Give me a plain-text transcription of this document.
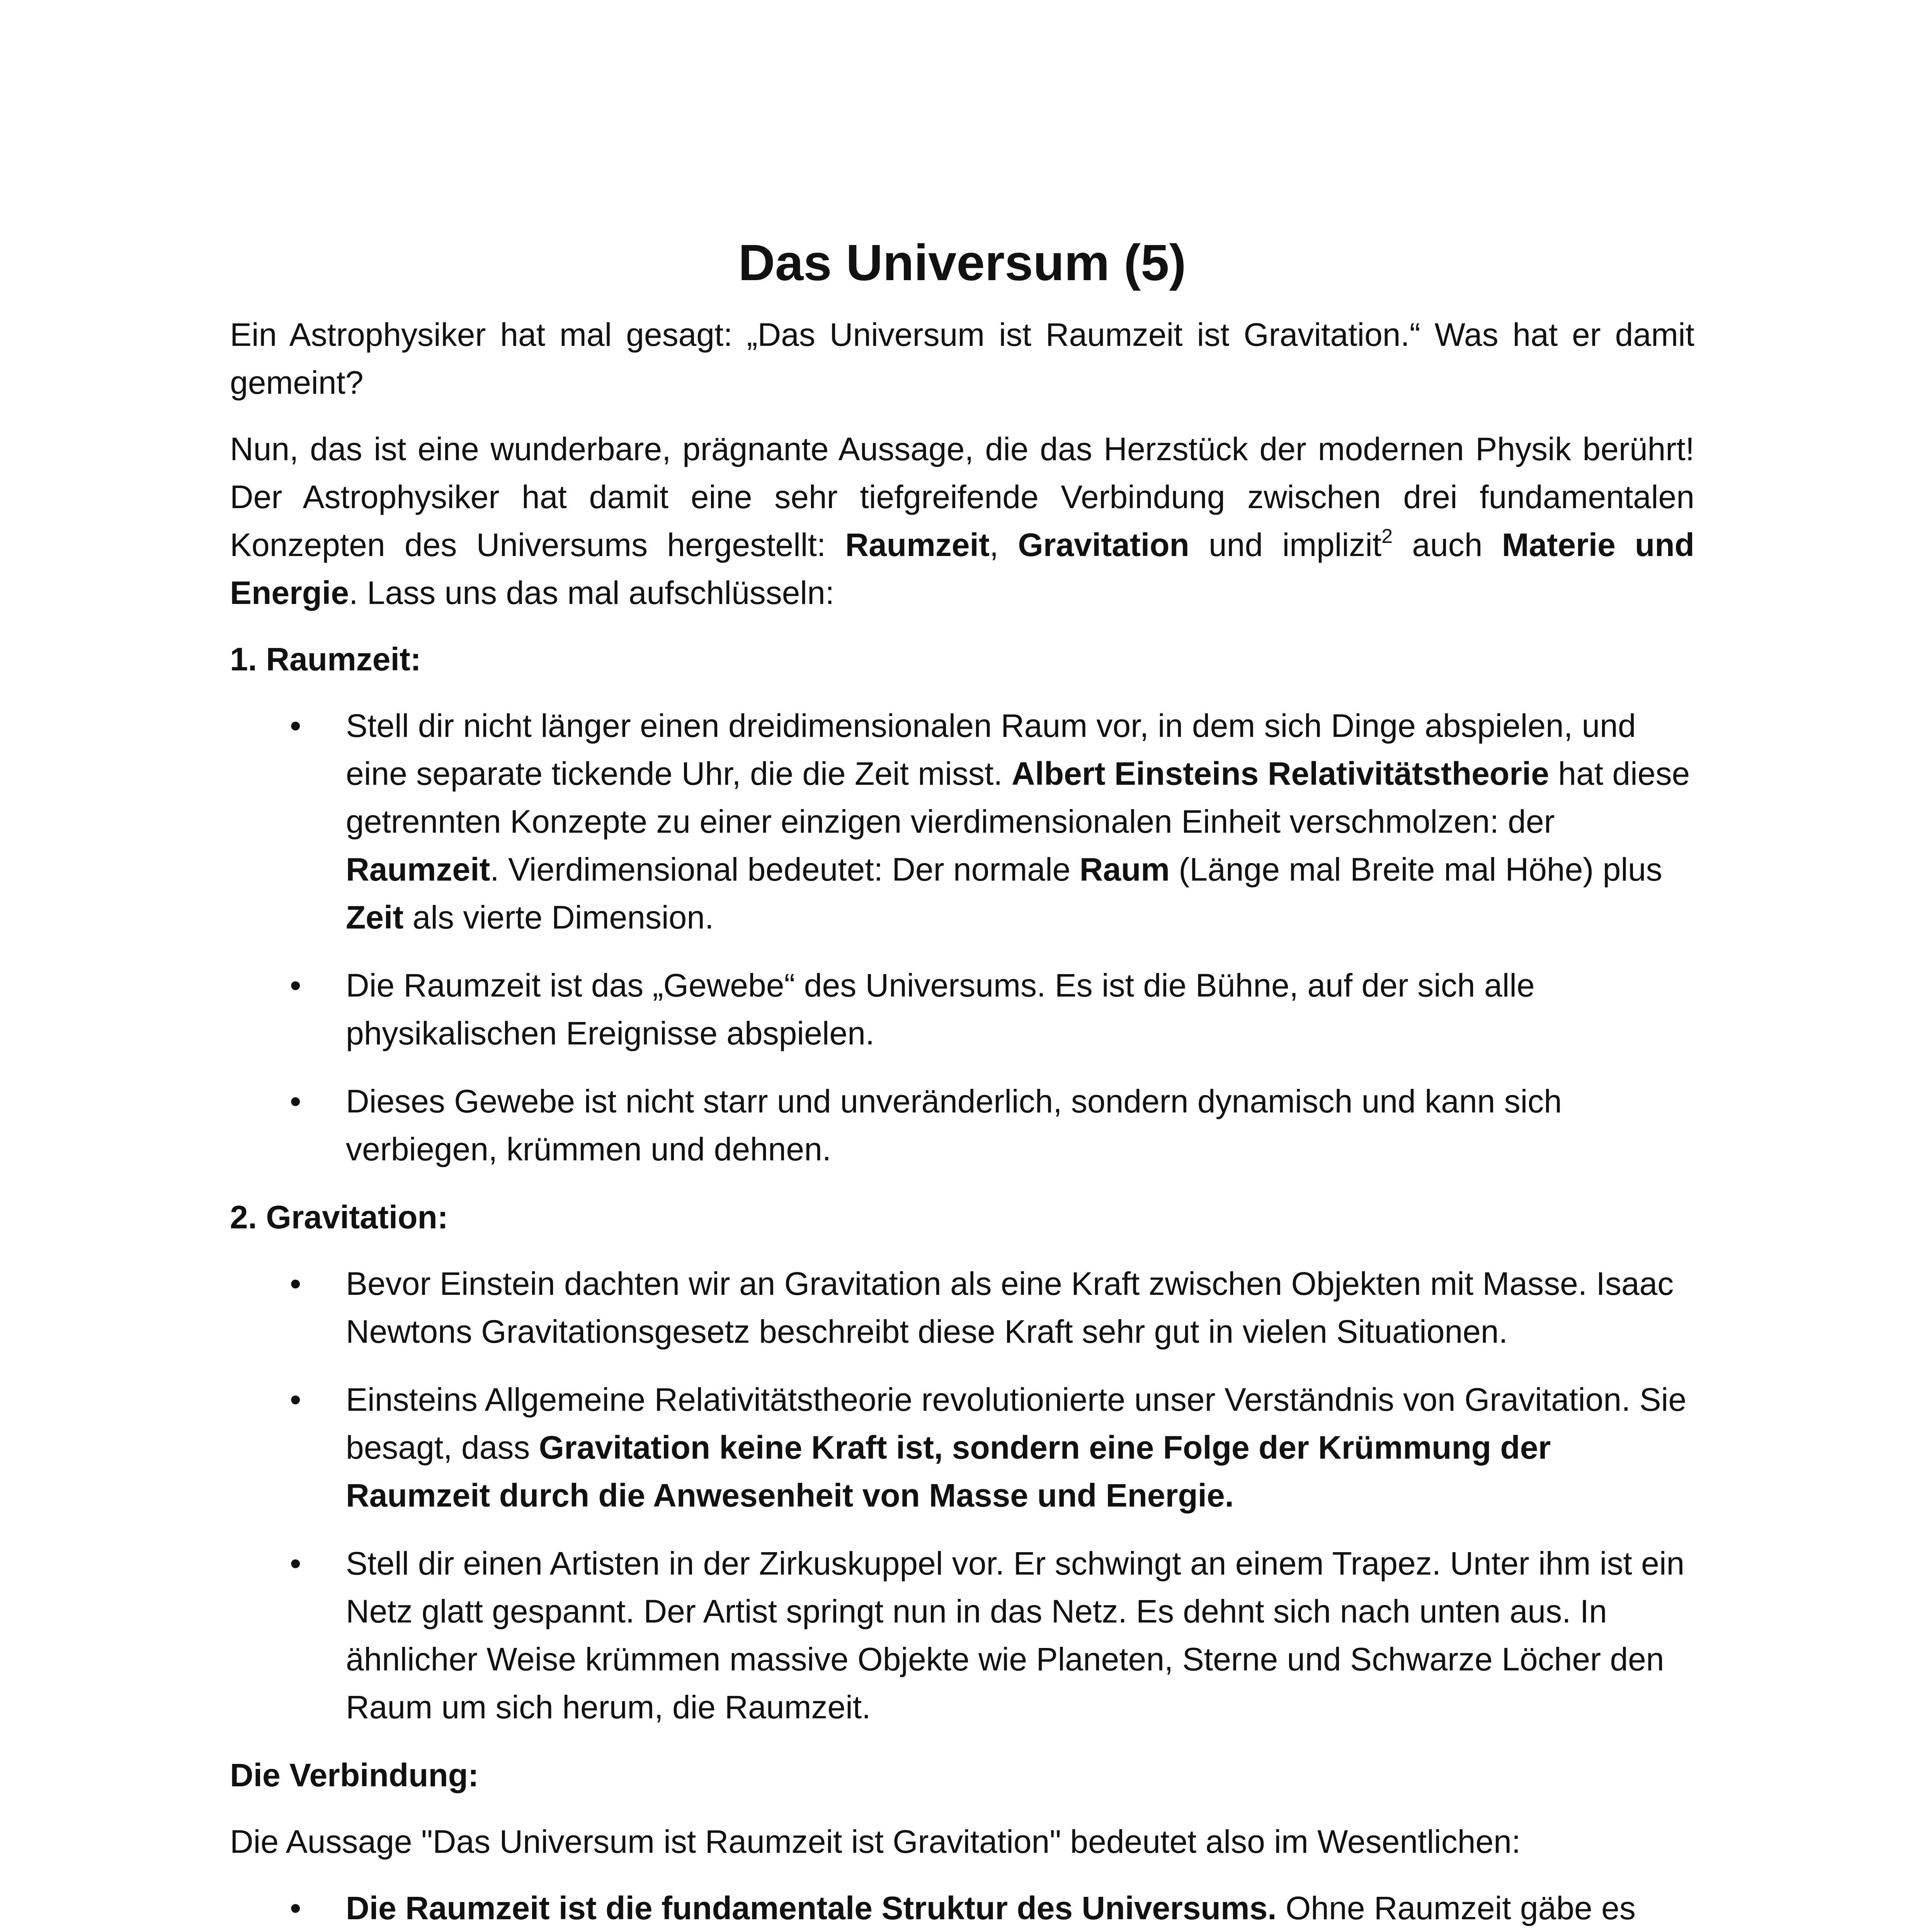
Das Universum (5)

Ein Astrophysiker hat mal gesagt: „Das Universum ist Raumzeit ist Gravitation.“ Was hat er damit gemeint?

Nun, das ist eine wunderbare, prägnante Aussage, die das Herzstück der modernen Physik berührt! Der Astrophysiker hat damit eine sehr tiefgreifende Verbindung zwischen drei fundamentalen Konzepten des Universums hergestellt: Raumzeit, Gravitation und implizit$^2$ auch Materie und Energie. Lass uns das mal aufschlüsseln:

1. Raumzeit:
• Stell dir nicht länger einen dreidimensionalen Raum vor, in dem sich Dinge abspielen, und eine separate tickende Uhr, die die Zeit misst. Albert Einsteins Relativitätstheorie hat diese getrennten Konzepte zu einer einzigen vierdimensionalen Einheit verschmolzen: der Raumzeit. Vierdimensional bedeutet: Der normale Raum (Länge mal Breite mal Höhe) plus Zeit als vierte Dimension.
• Die Raumzeit ist das „Gewebe“ des Universums. Es ist die Bühne, auf der sich alle physikalischen Ereignisse abspielen.
• Dieses Gewebe ist nicht starr und unveränderlich, sondern dynamisch und kann sich verbiegen, krümmen und dehnen.
2. Gravitation:
• Bevor Einstein dachten wir an Gravitation als eine Kraft zwischen Objekten mit Masse. Isaac Newtons Gravitationsgesetz beschreibt diese Kraft sehr gut in vielen Situationen.
• Einsteins Allgemeine Relativitätstheorie revolutionierte unser Verständnis von Gravitation. Sie besagt, dass Gravitation keine Kraft ist, sondern eine Folge der Krümmung der Raumzeit durch die Anwesenheit von Masse und Energie.
• Stell dir einen Artisten in der Zirkuskuppel vor. Er schwingt an einem Trapez. Unter ihm ist ein Netz glatt gespannt. Der Artist springt nun in das Netz. Es dehnt sich nach unten aus. In ähnlicher Weise krümmen massive Objekte wie Planeten, Sterne und Schwarze Löcher den Raum um sich herum, die Raumzeit.
Die Verbindung:

Die Aussage "Das Universum ist Raumzeit ist Gravitation" bedeutet also im Wesentlichen:

• Die Raumzeit ist die fundamentale Struktur des Universums. Ohne Raumzeit gäbe es
